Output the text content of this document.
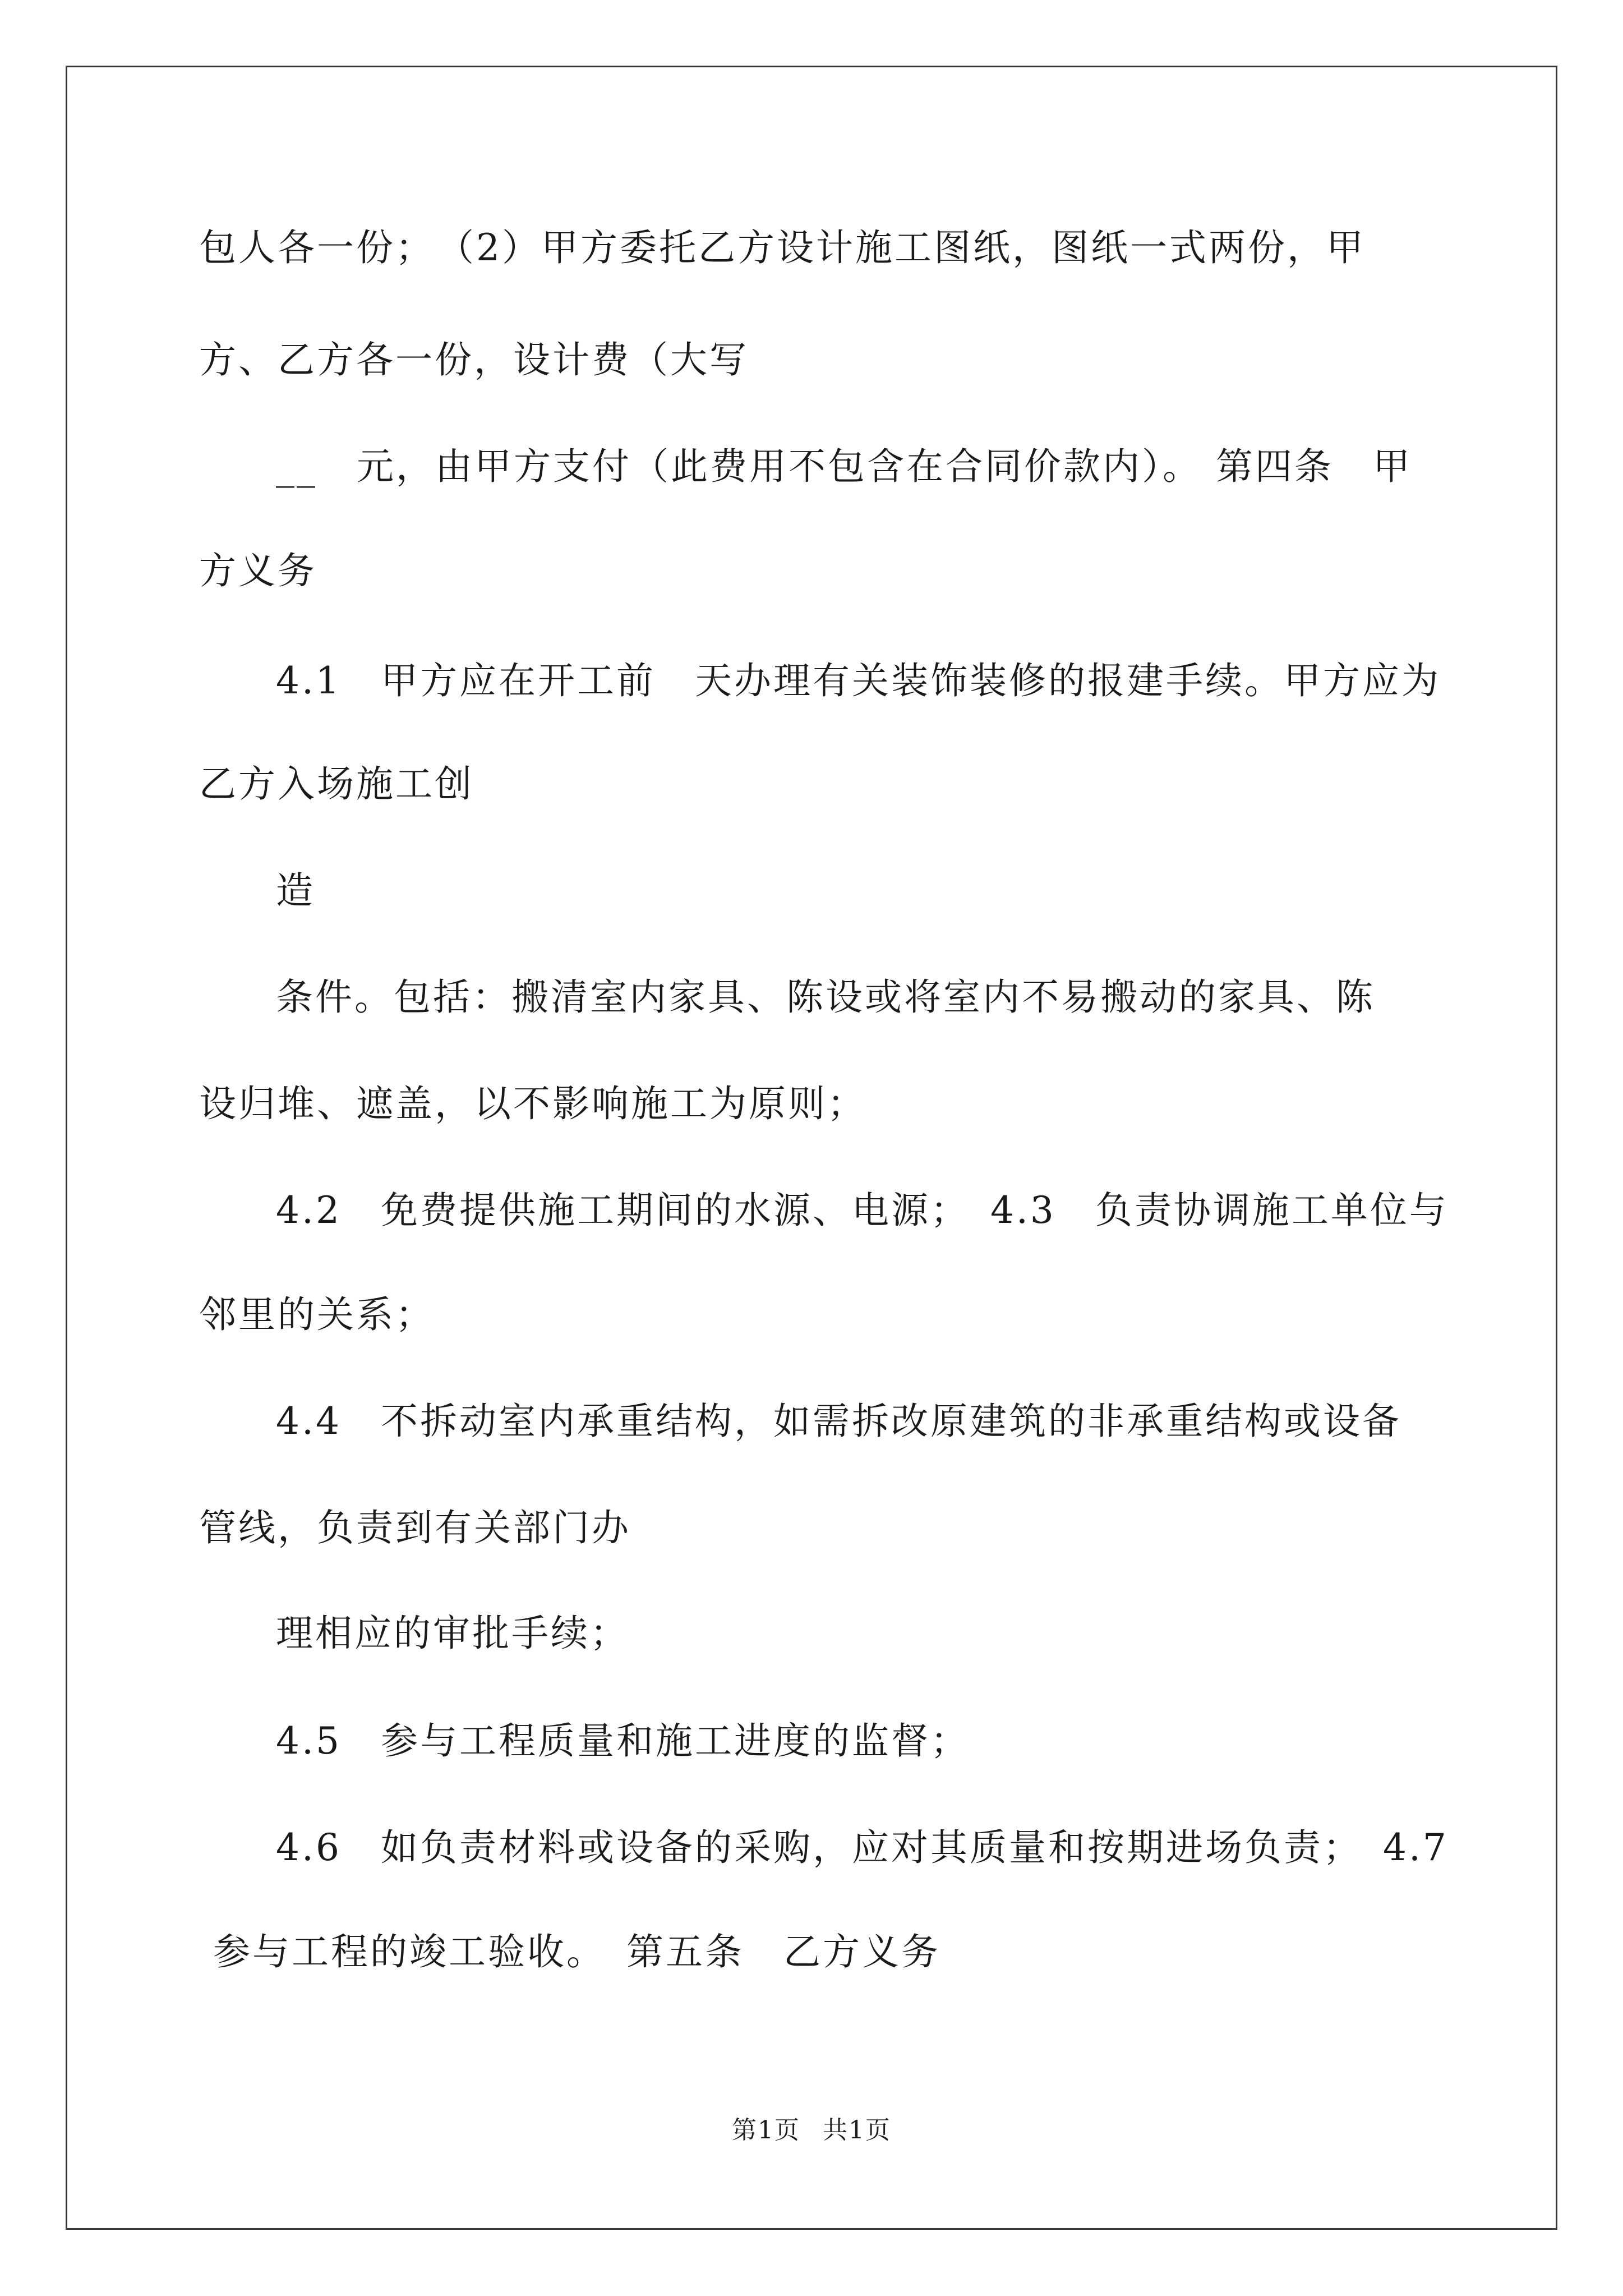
包人各一份；　（2）甲方委托乙方设计施工图纸，图纸一式两份，甲
方、乙方各一份，设计费（大写
__　元，由甲方支付（此费用不包含在合同价款内）。 第四条　甲
方义务
4.1　甲方应在开工前　天办理有关装饰装修的报建手续。甲方应为
乙方入场施工创
造
条件。包括：搬清室内家具、陈设或将室内不易搬动的家具、陈
设归堆、遮盖，以不影响施工为原则；
4.2　免费提供施工期间的水源、电源；　4.3　负责协调施工单位与
邻里的关系；
4.4　不拆动室内承重结构，如需拆改原建筑的非承重结构或设备
管线，负责到有关部门办
理相应的审批手续；
4.5　参与工程质量和施工进度的监督；
4.6　如负责材料或设备的采购，应对其质量和按期进场负责；　4.7
参与工程的竣工验收。　第五条　乙方义务
第1页 共1页
